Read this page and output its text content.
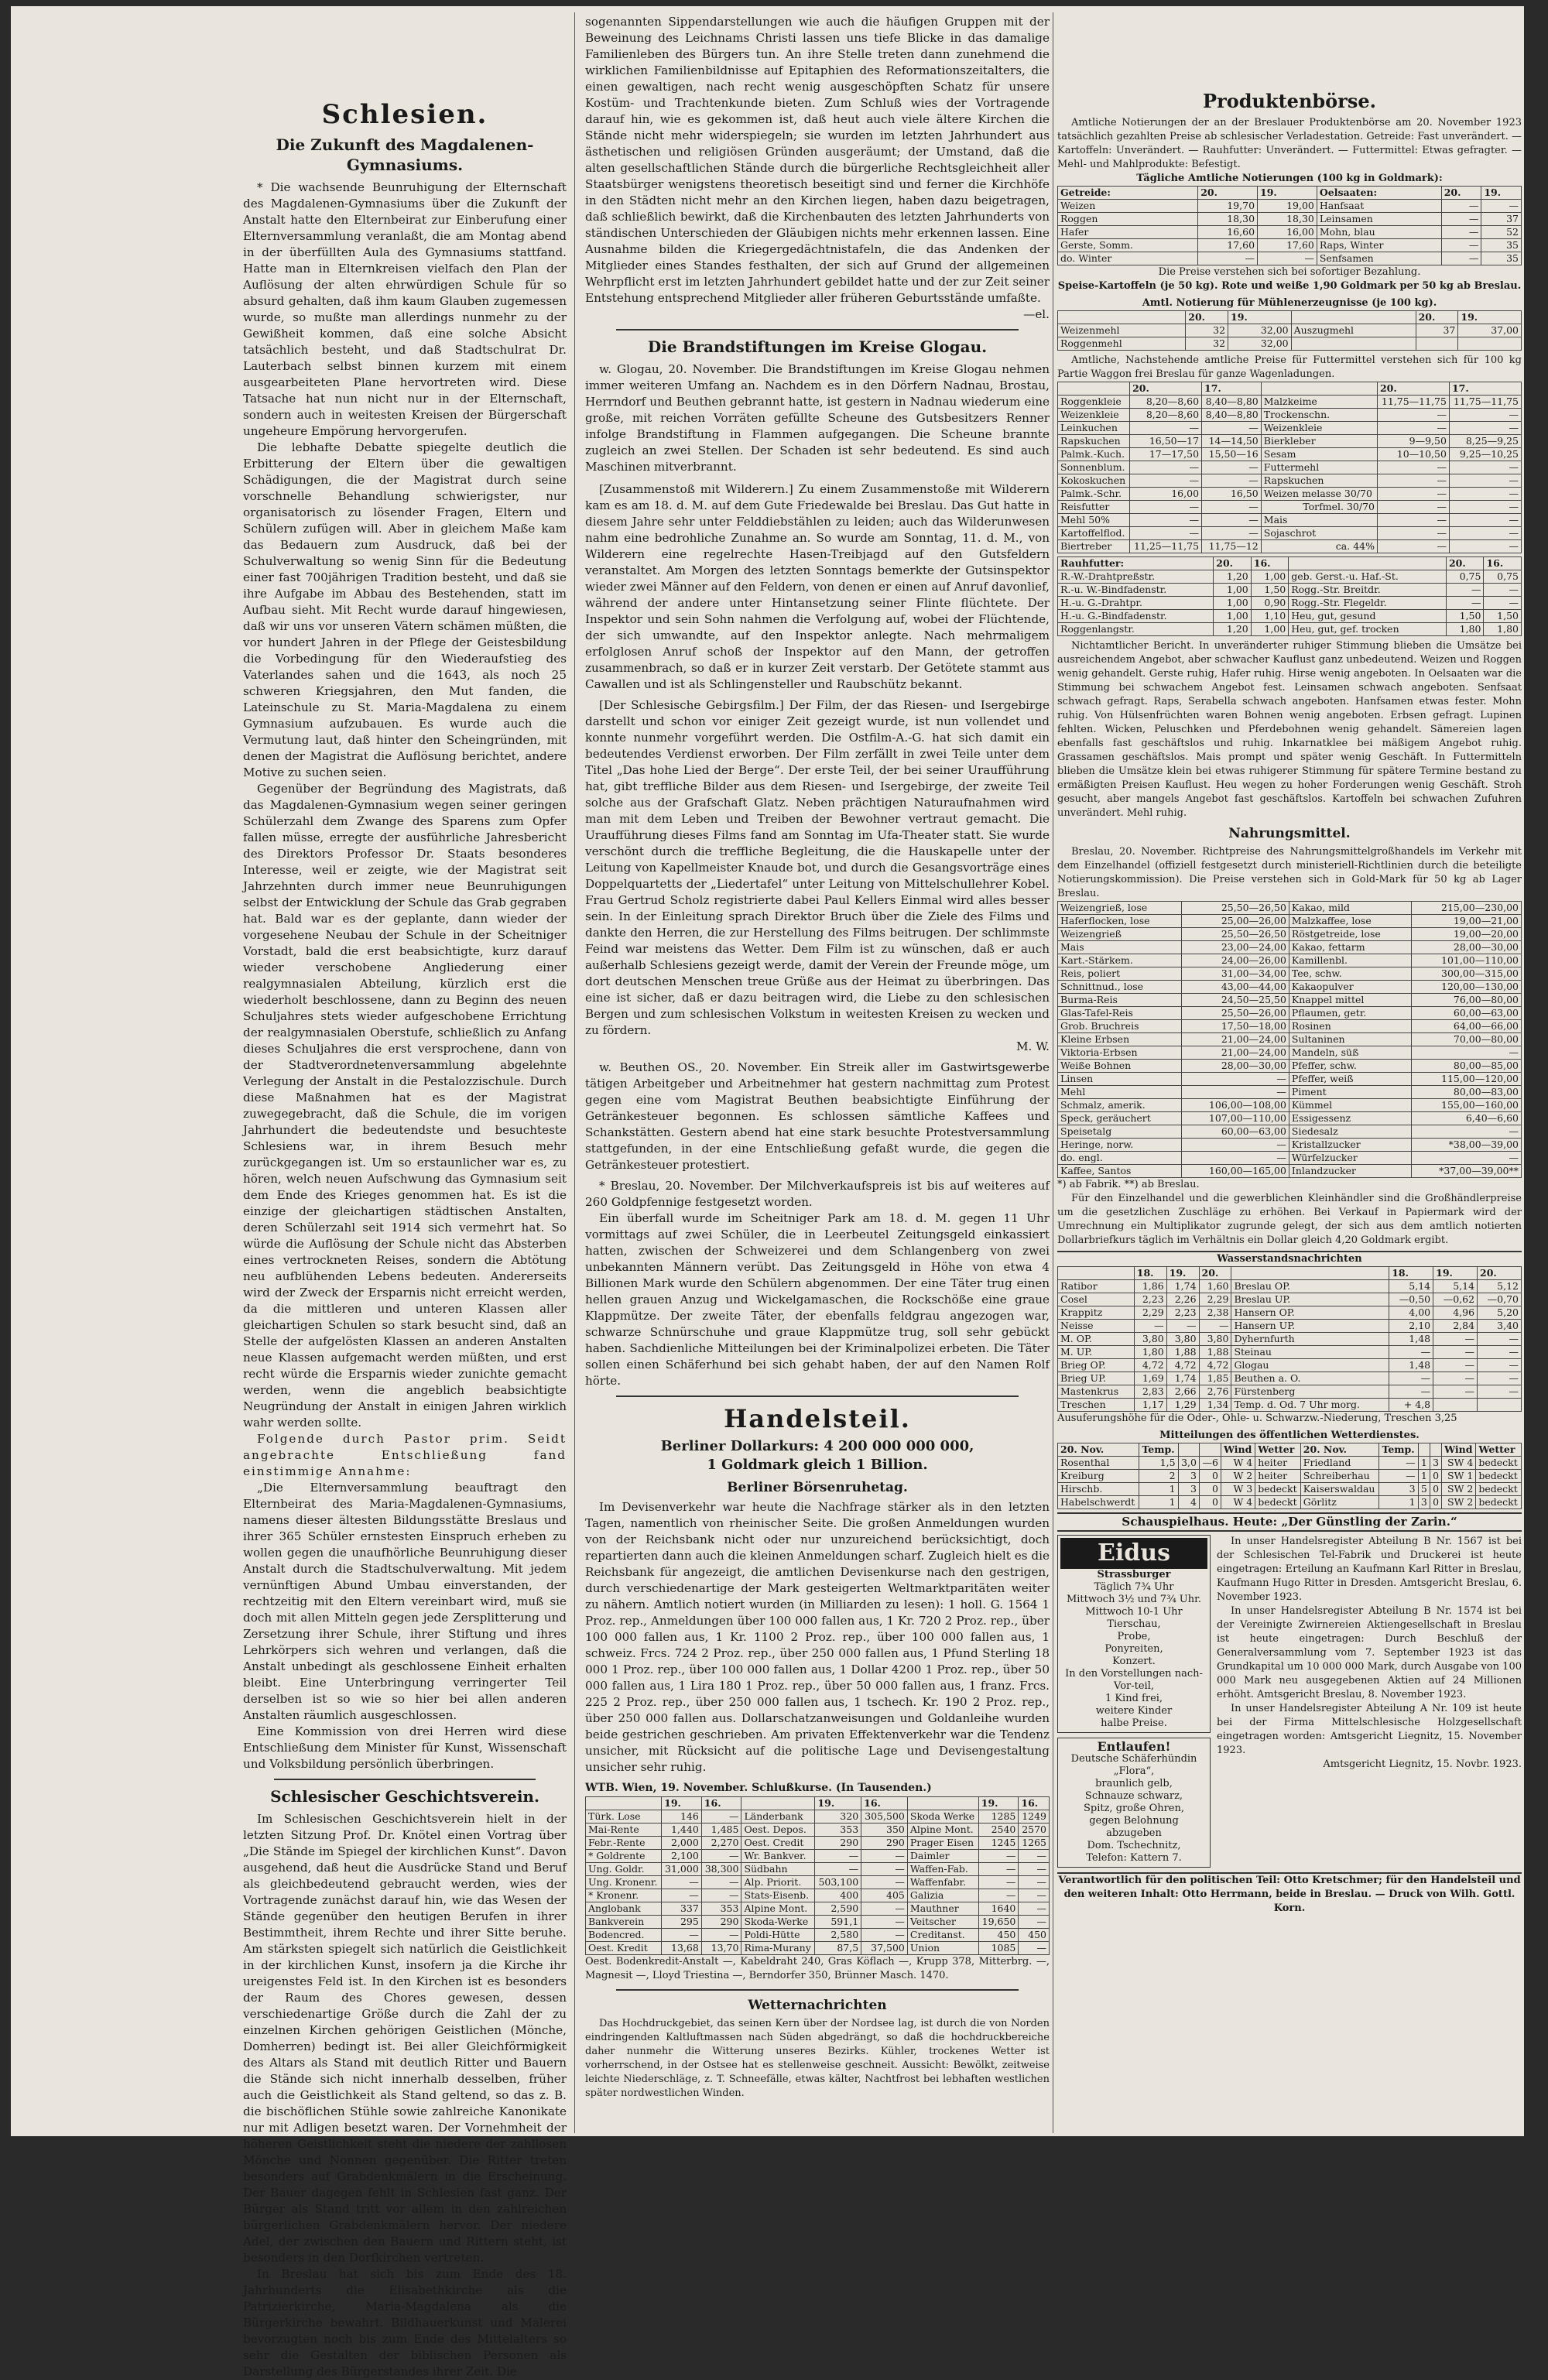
Schlesien.
Die Zukunft des Magdalenen-Gymnasiums.

* Die wachsende Beunruhigung der Elternschaft des Magdalenen-Gymnasiums über die Zukunft der Anstalt hatte den Elternbeirat zur Einberufung einer Elternversammlung veranlaßt, die am Montag abend in der überfüllten Aula des Gymnasiums stattfand. Hatte man in Elternkreisen vielfach den Plan der Auflösung der alten ehrwürdigen Schule für so absurd gehalten, daß ihm kaum Glauben zugemessen wurde, so mußte man allerdings nunmehr zu der Gewißheit kommen, daß eine solche Absicht tatsächlich besteht, und daß Stadtschulrat Dr. Lauterbach selbst binnen kurzem mit einem ausgearbeiteten Plane hervortreten wird. Diese Tatsache hat nun nicht nur in der Elternschaft, sondern auch in weitesten Kreisen der Bürgerschaft ungeheure Empörung hervorgerufen.

Die lebhafte Debatte spiegelte deutlich die Erbitterung der Eltern über die gewaltigen Schädigungen, die der Magistrat durch seine vorschnelle Behandlung schwierigster, nur organisatorisch zu lösender Fragen, Eltern und Schülern zufügen will. Aber in gleichem Maße kam das Bedauern zum Ausdruck, daß bei der Schulverwaltung so wenig Sinn für die Bedeutung einer fast 700jährigen Tradition besteht, und daß sie ihre Aufgabe im Abbau des Bestehenden, statt im Aufbau sieht. Mit Recht wurde darauf hingewiesen, daß wir uns vor unseren Vätern schämen müßten, die vor hundert Jahren in der Pflege der Geistesbildung die Vorbedingung für den Wiederaufstieg des Vaterlandes sahen und die 1643, als noch 25 schweren Kriegsjahren, den Mut fanden, die Lateinschule zu St. Maria-Magdalena zu einem Gymnasium aufzubauen. Es wurde auch die Vermutung laut, daß hinter den Scheingründen, mit denen der Magistrat die Auflösung berichtet, andere Motive zu suchen seien.

Gegenüber der Begründung des Magistrats, daß das Magdalenen-Gymnasium wegen seiner geringen Schülerzahl dem Zwange des Sparens zum Opfer fallen müsse, erregte der ausführliche Jahresbericht des Direktors Professor Dr. Staats besonderes Interesse, weil er zeigte, wie der Magistrat seit Jahrzehnten durch immer neue Beunruhigungen selbst der Entwicklung der Schule das Grab gegraben hat. Bald war es der geplante, dann wieder der vorgesehene Neubau der Schule in der Scheitniger Vorstadt, bald die erst beabsichtigte, kurz darauf wieder verschobene Angliederung einer realgymnasialen Abteilung, kürzlich erst die wiederholt beschlossene, dann zu Beginn des neuen Schuljahres stets wieder aufgeschobene Errichtung der realgymnasialen Oberstufe, schließlich zu Anfang dieses Schuljahres die erst versprochene, dann von der Stadtverordnetenversammlung abgelehnte Verlegung der Anstalt in die Pestalozzischule. Durch diese Maßnahmen hat es der Magistrat zuwegegebracht, daß die Schule, die im vorigen Jahrhundert die bedeutendste und besuchteste Schlesiens war, in ihrem Besuch mehr zurückgegangen ist. Um so erstaunlicher war es, zu hören, welch neuen Aufschwung das Gymnasium seit dem Ende des Krieges genommen hat. Es ist die einzige der gleichartigen städtischen Anstalten, deren Schülerzahl seit 1914 sich vermehrt hat. So würde die Auflösung der Schule nicht das Absterben eines vertrockneten Reises, sondern die Abtötung neu aufblühenden Lebens bedeuten. Andererseits wird der Zweck der Ersparnis nicht erreicht werden, da die mittleren und unteren Klassen aller gleichartigen Schulen so stark besucht sind, daß an Stelle der aufgelösten Klassen an anderen Anstalten neue Klassen aufgemacht werden müßten, und erst recht würde die Ersparnis wieder zunichte gemacht werden, wenn die angeblich beabsichtigte Neugründung der Anstalt in einigen Jahren wirklich wahr werden sollte.

Folgende durch Pastor prim. Seidt angebrachte Entschließung fand einstimmige Annahme:

„Die Elternversammlung beauftragt den Elternbeirat des Maria-Magdalenen-Gymnasiums, namens dieser ältesten Bildungsstätte Breslaus und ihrer 365 Schüler ernstesten Einspruch erheben zu wollen gegen die unaufhörliche Beunruhigung dieser Anstalt durch die Stadtschulverwaltung. Mit jedem vernünftigen Abund Umbau einverstanden, der rechtzeitig mit den Eltern vereinbart wird, muß sie doch mit allen Mitteln gegen jede Zersplitterung und Zersetzung ihrer Schule, ihrer Stiftung und ihres Lehrkörpers sich wehren und verlangen, daß die Anstalt unbedingt als geschlossene Einheit erhalten bleibt. Eine Unterbringung verringerter Teil derselben ist so wie so hier bei allen anderen Anstalten räumlich ausgeschlossen.

Eine Kommission von drei Herren wird diese Entschließung dem Minister für Kunst, Wissenschaft und Volksbildung persönlich überbringen.

Schlesischer Geschichtsverein.

Im Schlesischen Geschichtsverein hielt in der letzten Sitzung Prof. Dr. Knötel einen Vortrag über „Die Stände im Spiegel der kirchlichen Kunst“. Davon ausgehend, daß heut die Ausdrücke Stand und Beruf als gleichbedeutend gebraucht werden, wies der Vortragende zunächst darauf hin, wie das Wesen der Stände gegenüber den heutigen Berufen in ihrer Bestimmtheit, ihrem Rechte und ihrer Sitte beruhe. Am stärksten spiegelt sich natürlich die Geistlichkeit in der kirchlichen Kunst, insofern ja die Kirche ihr ureigenstes Feld ist. In den Kirchen ist es besonders der Raum des Chores gewesen, dessen verschiedenartige Größe durch die Zahl der zu einzelnen Kirchen gehörigen Geistlichen (Mönche, Domherren) bedingt ist. Bei aller Gleichförmigkeit des Altars als Stand mit deutlich Ritter und Bauern die Stände sich nicht innerhalb desselben, früher auch die Geistlichkeit als Stand geltend, so das z. B. die bischöflichen Stühle sowie zahlreiche Kanonikate nur mit Adligen besetzt waren. Der Vornehmheit der höheren Geistlichkeit steht die niedere der zahllosen Mönche und Nonnen gegenüber. Die Ritter treten besonders auf Grabdenkmälern in die Erscheinung. Der Bauer dagegen fehlt in Schlesien fast ganz. Der Bürger als Stand tritt vor allem in den zahlreichen bürgerlichen Grabdenkmälern hervor. Der niedere Adel, der zwischen den Bauern und Rittern steht, ist besonders in den Dorfkirchen vertreten.

In Breslau hat sich bis zum Ende des 18. Jahrhunderts die Elisabethkirche als die Patrizierkirche, Maria-Magdalena als die Bürgerkirche bewahrt. Bildhauerkunst und Malerei bevorzugten noch bis zum Ende des Mittelalters so sehr die Gestalten der biblischen Personen als Darstellung des Bürgerstandes ihrer Zeit. Die

sogenannten Sippendarstellungen wie auch die häufigen Gruppen mit der Beweinung des Leichnams Christi lassen uns tiefe Blicke in das damalige Familienleben des Bürgers tun. An ihre Stelle treten dann zunehmend die wirklichen Familienbildnisse auf Epitaphien des Reformationszeitalters, die einen gewaltigen, nach recht wenig ausgeschöpften Schatz für unsere Kostüm- und Trachtenkunde bieten. Zum Schluß wies der Vortragende darauf hin, wie es gekommen ist, daß heut auch viele ältere Kirchen die Stände nicht mehr widerspiegeln; sie wurden im letzten Jahrhundert aus ästhetischen und religiösen Gründen ausgeräumt; der Umstand, daß die alten gesellschaftlichen Stände durch die bürgerliche Rechtsgleichheit aller Staatsbürger wenigstens theoretisch beseitigt sind und ferner die Kirchhöfe in den Städten nicht mehr an den Kirchen liegen, haben dazu beigetragen, daß schließlich bewirkt, daß die Kirchenbauten des letzten Jahrhunderts von ständischen Unterschieden der Gläubigen nichts mehr erkennen lassen. Eine Ausnahme bilden die Kriegergedächtnistafeln, die das Andenken der Mitglieder eines Standes festhalten, der sich auf Grund der allgemeinen Wehrpflicht erst im letzten Jahrhundert gebildet hatte und der zur Zeit seiner Entstehung entsprechend Mitglieder aller früheren Geburtsstände umfaßte.

—el.
Die Brandstiftungen im Kreise Glogau.

w. Glogau, 20. November. Die Brandstiftungen im Kreise Glogau nehmen immer weiteren Umfang an. Nachdem es in den Dörfern Nadnau, Brostau, Herrndorf und Beuthen gebrannt hatte, ist gestern in Nadnau wiederum eine große, mit reichen Vorräten gefüllte Scheune des Gutsbesitzers Renner infolge Brandstiftung in Flammen aufgegangen. Die Scheune brannte zugleich an zwei Stellen. Der Schaden ist sehr bedeutend. Es sind auch Maschinen mitverbrannt.

[Zusammenstoß mit Wilderern.] Zu einem Zusammenstoße mit Wilderern kam es am 18. d. M. auf dem Gute Friedewalde bei Breslau. Das Gut hatte in diesem Jahre sehr unter Felddiebstählen zu leiden; auch das Wilderunwesen nahm eine bedrohliche Zunahme an. So wurde am Sonntag, 11. d. M., von Wilderern eine regelrechte Hasen-Treibjagd auf den Gutsfeldern veranstaltet. Am Morgen des letzten Sonntags bemerkte der Gutsinspektor wieder zwei Männer auf den Feldern, von denen er einen auf Anruf davonlief, während der andere unter Hintansetzung seiner Flinte flüchtete. Der Inspektor und sein Sohn nahmen die Verfolgung auf, wobei der Flüchtende, der sich umwandte, auf den Inspektor anlegte. Nach mehrmaligem erfolglosen Anruf schoß der Inspektor auf den Mann, der getroffen zusammenbrach, so daß er in kurzer Zeit verstarb. Der Getötete stammt aus Cawallen und ist als Schlingensteller und Raubschütz bekannt.

[Der Schlesische Gebirgsfilm.] Der Film, der das Riesen- und Isergebirge darstellt und schon vor einiger Zeit gezeigt wurde, ist nun vollendet und konnte nunmehr vorgeführt werden. Die Ostfilm-A.-G. hat sich damit ein bedeutendes Verdienst erworben. Der Film zerfällt in zwei Teile unter dem Titel „Das hohe Lied der Berge“. Der erste Teil, der bei seiner Uraufführung hat, gibt treffliche Bilder aus dem Riesen- und Isergebirge, der zweite Teil solche aus der Grafschaft Glatz. Neben prächtigen Naturaufnahmen wird man mit dem Leben und Treiben der Bewohner vertraut gemacht. Die Uraufführung dieses Films fand am Sonntag im Ufa-Theater statt. Sie wurde verschönt durch die treffliche Begleitung, die die Hauskapelle unter der Leitung von Kapellmeister Knaude bot, und durch die Gesangsvorträge eines Doppelquartetts der „Liedertafel“ unter Leitung von Mittelschullehrer Kobel. Frau Gertrud Scholz registrierte dabei Paul Kellers Einmal wird alles besser sein. In der Einleitung sprach Direktor Bruch über die Ziele des Films und dankte den Herren, die zur Herstellung des Films beitrugen. Der schlimmste Feind war meistens das Wetter. Dem Film ist zu wünschen, daß er auch außerhalb Schlesiens gezeigt werde, damit der Verein der Freunde möge, um dort deutschen Menschen treue Grüße aus der Heimat zu überbringen. Das eine ist sicher, daß er dazu beitragen wird, die Liebe zu den schlesischen Bergen und zum schlesischen Volkstum in weitesten Kreisen zu wecken und zu fördern.

M. W.

w. Beuthen OS., 20. November. Ein Streik aller im Gastwirtsgewerbe tätigen Arbeitgeber und Arbeitnehmer hat gestern nachmittag zum Protest gegen eine vom Magistrat Beuthen beabsichtigte Einführung der Getränkesteuer begonnen. Es schlossen sämtliche Kaffees und Schankstätten. Gestern abend hat eine stark besuchte Protestversammlung stattgefunden, in der eine Entschließung gefaßt wurde, die gegen die Getränkesteuer protestiert.

* Breslau, 20. November. Der Milchverkaufspreis ist bis auf weiteres auf 260 Goldpfennige festgesetzt worden.

Ein überfall wurde im Scheitniger Park am 18. d. M. gegen 11 Uhr vormittags auf zwei Schüler, die in Leerbeutel Zeitungsgeld einkassiert hatten, zwischen der Schweizerei und dem Schlangenberg von zwei unbekannten Männern verübt. Das Zeitungsgeld in Höhe von etwa 4 Billionen Mark wurde den Schülern abgenommen. Der eine Täter trug einen hellen grauen Anzug und Wickelgamaschen, die Rockschöße eine graue Klappmütze. Der zweite Täter, der ebenfalls feldgrau angezogen war, schwarze Schnürschuhe und graue Klappmütze trug, soll sehr gebückt haben. Sachdienliche Mitteilungen bei der Kriminalpolizei erbeten. Die Täter sollen einen Schäferhund bei sich gehabt haben, der auf den Namen Rolf hörte.

Handelsteil.
Berliner Dollarkurs: 4 200 000 000 000,
1 Goldmark gleich 1 Billion.
Berliner Börsenruhetag.

Im Devisenverkehr war heute die Nachfrage stärker als in den letzten Tagen, namentlich von rheinischer Seite. Die großen Anmeldungen wurden von der Reichsbank nicht oder nur unzureichend berücksichtigt, doch repartierten dann auch die kleinen Anmeldungen scharf. Zugleich hielt es die Reichsbank für angezeigt, die amtlichen Devisenkurse nach den gestrigen, durch verschiedenartige der Mark gesteigerten Weltmarktparitäten weiter zu nähern. Amtlich notiert wurden (in Milliarden zu lesen): 1 holl. G. 1564 1 Proz. rep., Anmeldungen über 100 000 fallen aus, 1 Kr. 720 2 Proz. rep., über 100 000 fallen aus, 1 Kr. 1100 2 Proz. rep., über 100 000 fallen aus, 1 schweiz. Frcs. 724 2 Proz. rep., über 250 000 fallen aus, 1 Pfund Sterling 18 000 1 Proz. rep., über 100 000 fallen aus, 1 Dollar 4200 1 Proz. rep., über 50 000 fallen aus, 1 Lira 180 1 Proz. rep., über 50 000 fallen aus, 1 franz. Frcs. 225 2 Proz. rep., über 250 000 fallen aus, 1 tschech. Kr. 190 2 Proz. rep., über 250 000 fallen aus. Dollarschatzanweisungen und Goldanleihe wurden beide gestrichen geschrieben. Am privaten Effektenverkehr war die Tendenz unsicher, mit Rücksicht auf die politische Lage und Devisengestaltung unsicher sehr ruhig.

WTB. Wien, 19. November. Schlußkurse. (In Tausenden.)
	19.	16.		19.	16.		19.	16.
Türk. Lose	146	—	Länderbank	320	305,500	Skoda Werke	1285	1249
Mai-Rente	1,440	1,485	Oest. Depos.	353	350	Alpine Mont.	2540	2570
Febr.-Rente	2,000	2,270	Oest. Credit	290	290	Prager Eisen	1245	1265
* Goldrente	2,100	—	Wr. Bankver.	—	—	Daimler	—	—
Ung. Goldr.	31,000	38,300	Südbahn	—	—	Waffen-Fab.	—	—
Ung. Kronenr.	—	—	Alp. Priorit.	503,100	—	Waffenfabr.	—	—
* Kronenr.	—	—	Stats-Eisenb.	400	405	Galizia	—	—
Anglobank	337	353	Alpine Mont.	2,590	—	Mauthner	1640	—
Bankverein	295	290	Skoda-Werke	591,1	—	Veitscher	19,650	—
Bodencred.	—	—	Poldi-Hütte	2,580	—	Creditanst.	450	450
Oest. Kredit	13,68	13,70	Rima-Murany	87,5	37,500	Union	1085	—
Oest. Bodenkredit-Anstalt —, Kabeldraht 240, Gras Köflach —, Krupp 378, Mitterbrg. —, Magnesit —, Lloyd Triestina —, Berndorfer 350, Brünner Masch. 1470.
Wetternachrichten

Das Hochdruckgebiet, das seinen Kern über der Nordsee lag, ist durch die von Norden eindringenden Kaltluftmassen nach Süden abgedrängt, so daß die hochdruckbereiche daher nunmehr die Witterung unseres Bezirks. Kühler, trockenes Wetter ist vorherrschend, in der Ostsee hat es stellenweise geschneit. Aussicht: Bewölkt, zeitweise leichte Niederschläge, z. T. Schneefälle, etwas kälter, Nachtfrost bei lebhaften westlichen später nordwestlichen Winden.

Produktenbörse.

Amtliche Notierungen der an der Breslauer Produktenbörse am 20. November 1923 tatsächlich gezahlten Preise ab schlesischer Verladestation. Getreide: Fast unverändert. — Kartoffeln: Unverändert. — Rauhfutter: Unverändert. — Futtermittel: Etwas gefragter. — Mehl- und Mahlprodukte: Befestigt.

Tägliche Amtliche Notierungen (100 kg in Goldmark):
Getreide:	20.	19.	Oelsaaten:	20.	19.
Weizen	19,70	19,00	Hanfsaat	—	—
Roggen	18,30	18,30	Leinsamen	—	37
Hafer	16,60	16,00	Mohn, blau	—	52
Gerste, Somm.	17,60	17,60	Raps, Winter	—	35
do. Winter	—	—	Senfsamen	—	35
Die Preise verstehen sich bei sofortiger Bezahlung.
Speise-Kartoffeln (je 50 kg). Rote und weiße 1,90 Goldmark per 50 kg ab Breslau.
Amtl. Notierung für Mühlenerzeugnisse (je 100 kg).
	20.	19.		20.	19.
Weizenmehl	32	32,00	Auszugmehl	37	37,00
Roggenmehl	32	32,00			

Amtliche, Nachstehende amtliche Preise für Futtermittel verstehen sich für 100 kg Partie Waggon frei Breslau für ganze Wagenladungen.

	20.	17.		20.	17.
Roggenkleie	8,20—8,60	8,40—8,80	Malzkeime	11,75—11,75	11,75—11,75
Weizenkleie	8,20—8,60	8,40—8,80	Trockenschn.	—	—
Leinkuchen	—	—	Weizenkleie	—	—
Rapskuchen	16,50—17	14—14,50	Bierkleber	9—9,50	8,25—9,25
Palmk.-Kuch.	17—17,50	15,50—16	Sesam	10—10,50	9,25—10,25
Sonnenblum.	—	—	Futtermehl	—	—
Kokoskuchen	—	—	Rapskuchen	—	—
Palmk.-Schr.	16,00	16,50	Weizen melasse 30/70	—	—
Reisfutter	—	—	Torfmel. 30/70	—	—
Mehl 50%	—	—	Mais	—	—
Kartoffelflod.	—	—	Sojaschrot	—	—
Biertreber	11,25—11,75	11,75—12	ca. 44%	—	—
Rauhfutter:	20.	16.		20.	16.
R.-W.-Drahtpreßstr.	1,20	1,00	geb. Gerst.-u. Haf.-St.	0,75	0,75
R.-u. W.-Bindfadenstr.	1,00	1,50	Rogg.-Str. Breitdr.	—	—
H.-u. G.-Drahtpr.	1,00	0,90	Rogg.-Str. Flegeldr.	—	—
H.-u. G.-Bindfadenstr.	1,00	1,10	Heu, gut, gesund	1,50	1,50
Roggenlangstr.	1,20	1,00	Heu, gut, gef. trocken	1,80	1,80

Nichtamtlicher Bericht. In unveränderter ruhiger Stimmung blieben die Umsätze bei ausreichendem Angebot, aber schwacher Kauflust ganz unbedeutend. Weizen und Roggen wenig gehandelt. Gerste ruhig, Hafer ruhig. Hirse wenig angeboten. In Oelsaaten war die Stimmung bei schwachem Angebot fest. Leinsamen schwach angeboten. Senfsaat schwach gefragt. Raps, Serabella schwach angeboten. Hanfsamen etwas fester. Mohn ruhig. Von Hülsenfrüchten waren Bohnen wenig angeboten. Erbsen gefragt. Lupinen fehlten. Wicken, Peluschken und Pferdebohnen wenig gehandelt. Sämereien lagen ebenfalls fast geschäftslos und ruhig. Inkarnatklee bei mäßigem Angebot ruhig. Grassamen geschäftslos. Mais prompt und später wenig Geschäft. In Futtermitteln blieben die Umsätze klein bei etwas ruhigerer Stimmung für spätere Termine bestand zu ermäßigten Preisen Kauflust. Heu wegen zu hoher Forderungen wenig Geschäft. Stroh gesucht, aber mangels Angebot fast geschäftslos. Kartoffeln bei schwachen Zufuhren unverändert. Mehl ruhig.

Nahrungsmittel.

Breslau, 20. November. Richtpreise des Nahrungsmittelgroßhandels im Verkehr mit dem Einzelhandel (offiziell festgesetzt durch ministeriell-Richtlinien durch die beteiligte Notierungskommission). Die Preise verstehen sich in Gold-Mark für 50 kg ab Lager Breslau.

Weizengrieß, lose	25,50—26,50	Kakao, mild	215,00—230,00
Haferflocken, lose	25,00—26,00	Malzkaffee, lose	19,00—21,00
Weizengrieß	25,50—26,50	Röstgetreide, lose	19,00—20,00
Mais	23,00—24,00	Kakao, fettarm	28,00—30,00
Kart.-Stärkem.	24,00—26,00	Kamillenbl.	101,00—110,00
Reis, poliert	31,00—34,00	Tee, schw.	300,00—315,00
Schnittnud., lose	43,00—44,00	Kakaopulver	120,00—130,00
Burma-Reis	24,50—25,50	Knappel mittel	76,00—80,00
Glas-Tafel-Reis	25,50—26,00	Pflaumen, getr.	60,00—63,00
Grob. Bruchreis	17,50—18,00	Rosinen	64,00—66,00
Kleine Erbsen	21,00—24,00	Sultaninen	70,00—80,00
Viktoria-Erbsen	21,00—24,00	Mandeln, süß	—
Weiße Bohnen	28,00—30,00	Pfeffer, schw.	80,00—85,00
Linsen	—	Pfeffer, weiß	115,00—120,00
Mehl	—	Piment	80,00—83,00
Schmalz, amerik.	106,00—108,00	Kümmel	155,00—160,00
Speck, geräuchert	107,00—110,00	Essigessenz	6,40—6,60
Speisetalg	60,00—63,00	Siedesalz	—
Heringe, norw.	—	Kristallzucker	*38,00—39,00
do. engl.	—	Würfelzucker	—
Kaffee, Santos	160,00—165,00	Inlandzucker	*37,00—39,00**
*) ab Fabrik. **) ab Breslau.

Für den Einzelhandel und die gewerblichen Kleinhändler sind die Großhändlerpreise um die gesetzlichen Zuschläge zu erhöhen. Bei Verkauf in Papiermark wird der Umrechnung ein Multiplikator zugrunde gelegt, der sich aus dem amtlich notierten Dollarbriefkurs täglich im Verhältnis ein Dollar gleich 4,20 Goldmark ergibt.

Wasserstandsnachrichten
	18.	19.	20.		18.	19.	20.
Ratibor	1,86	1,74	1,60	Breslau OP.	5,14	5,14	5,12
Cosel	2,23	2,26	2,29	Breslau UP.	—0,50	—0,62	—0,70
Krappitz	2,29	2,23	2,38	Hansern OP.	4,00	4,96	5,20
Neisse	—	—	—	Hansern UP.	2,10	2,84	3,40
M. OP.	3,80	3,80	3,80	Dyhernfurth	1,48	—	—
M. UP.	1,80	1,88	1,88	Steinau	—	—	—
Brieg OP.	4,72	4,72	4,72	Glogau	1,48	—	—
Brieg UP.	1,69	1,74	1,85	Beuthen a. O.	—	—	—
Mastenkrus	2,83	2,66	2,76	Fürstenberg	—	—	—
Treschen	1,17	1,29	1,34	Temp. d. Od. 7 Uhr morg.	+ 4,8		
Ausuferungshöhe für die Oder-, Ohle- u. Schwarzw.-Niederung, Treschen 3,25
Mitteilungen des öffentlichen Wetterdienstes.
20. Nov.	Temp.			Wind	Wetter	20. Nov.	Temp.			Wind	Wetter
Rosenthal	1,5	3,0	—6	W 4	heiter	Friedland	—	1	3	SW 4	bedeckt
Kreiburg	2	3	0	W 2	heiter	Schreiberhau	—	1	0	SW 1	bedeckt
Hirschb.	1	3	0	W 3	bedeckt	Kaiserswaldau	3	5	0	SW 2	bedeckt
Habelschwerdt	1	4	0	W 4	bedeckt	Görlitz	1	3	0	SW 2	bedeckt
Schauspielhaus. Heute: „Der Günstling der Zarin.“
Eidus
Strassburger
Täglich 7¾ Uhr
Mittwoch 3½ und 7¾ Uhr.
Mittwoch 10-1 Uhr
Tierschau,
Probe,
Ponyreiten,
Konzert.
In den Vorstellungen nach-Vor-teil,
1 Kind frei,
weitere Kinder
halbe Preise.

Entlaufen!
Deutsche Schäferhündin „Flora“,
braunlich gelb,
Schnauze schwarz,
Spitz, große Ohren,
gegen Belohnung abzugeben
Dom. Tschechnitz,
Telefon: Kattern 7.

In unser Handelsregister Abteilung B Nr. 1567 ist bei der Schlesischen Tel-Fabrik und Druckerei ist heute eingetragen: Erteilung an Kaufmann Karl Ritter in Breslau, Kaufmann Hugo Ritter in Dresden. Amtsgericht Breslau, 6. November 1923.

In unser Handelsregister Abteilung B Nr. 1574 ist bei der Vereinigte Zwirnereien Aktiengesellschaft in Breslau ist heute eingetragen: Durch Beschluß der Generalversammlung vom 7. September 1923 ist das Grundkapital um 10 000 000 Mark, durch Ausgabe von 100 000 Mark neu ausgegebenen Aktien auf 24 Millionen erhöht. Amtsgericht Breslau, 8. November 1923.

In unser Handelsregister Abteilung A Nr. 109 ist heute bei der Firma Mittelschlesische Holzgesellschaft eingetragen worden: Amtsgericht Liegnitz, 15. November 1923.

Amtsgericht Liegnitz, 15. Novbr. 1923.
Verantwortlich für den politischen Teil: Otto Kretschmer; für den Handelsteil und den weiteren Inhalt: Otto Herrmann, beide in Breslau. — Druck von Wilh. Gottl. Korn.
